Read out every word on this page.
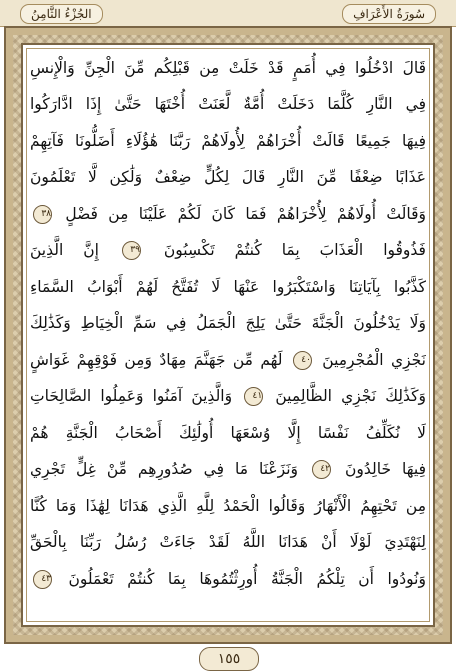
الجُزْءُ الثَّامِنُ	سُورَةُ الأَعْرَافِ
قَالَ ادْخُلُوا فِي أُمَمٍ قَدْ خَلَتْ مِن قَبْلِكُم مِّنَ الْجِنِّ وَالْإِنسِ
فِي النَّارِ كُلَّمَا دَخَلَتْ أُمَّةٌ لَّعَنَتْ أُخْتَهَا حَتَّىٰ إِذَا ادَّارَكُوا
فِيهَا جَمِيعًا قَالَتْ أُخْرَاهُمْ لِأُولَاهُمْ رَبَّنَا هَٰؤُلَاءِ أَضَلُّونَا فَآتِهِمْ
عَذَابًا ضِعْفًا مِّنَ النَّارِ قَالَ لِكُلٍّ ضِعْفٌ وَلَٰكِن لَّا تَعْلَمُونَ
وَقَالَتْ أُولَاهُمْ لِأُخْرَاهُمْ فَمَا كَانَ لَكُمْ عَلَيْنَا مِن فَضْلٍ ٣٨
فَذُوقُوا الْعَذَابَ بِمَا كُنتُمْ تَكْسِبُونَ ٣٩ إِنَّ الَّذِينَ
كَذَّبُوا بِآيَاتِنَا وَاسْتَكْبَرُوا عَنْهَا لَا تُفَتَّحُ لَهُمْ أَبْوَابُ السَّمَاءِ
وَلَا يَدْخُلُونَ الْجَنَّةَ حَتَّىٰ يَلِجَ الْجَمَلُ فِي سَمِّ الْخِيَاطِ وَكَذَٰلِكَ
نَجْزِي الْمُجْرِمِينَ ٤٠ لَهُم مِّن جَهَنَّمَ مِهَادٌ وَمِن فَوْقِهِمْ غَوَاشٍ
وَكَذَٰلِكَ نَجْزِي الظَّالِمِينَ ٤١ وَالَّذِينَ آمَنُوا وَعَمِلُوا الصَّالِحَاتِ
لَا نُكَلِّفُ نَفْسًا إِلَّا وُسْعَهَا أُولَٰئِكَ أَصْحَابُ الْجَنَّةِ هُمْ
فِيهَا خَالِدُونَ ٤٢ وَنَزَعْنَا مَا فِي صُدُورِهِم مِّنْ غِلٍّ تَجْرِي
مِن تَحْتِهِمُ الْأَنْهَارُ وَقَالُوا الْحَمْدُ لِلَّهِ الَّذِي هَدَانَا لِهَٰذَا وَمَا كُنَّا
لِنَهْتَدِيَ لَوْلَا أَنْ هَدَانَا اللَّهُ لَقَدْ جَاءَتْ رُسُلُ رَبِّنَا بِالْحَقِّ
وَنُودُوا أَن تِلْكُمُ الْجَنَّةُ أُورِثْتُمُوهَا بِمَا كُنتُمْ تَعْمَلُونَ ٤٣
١٥٥
